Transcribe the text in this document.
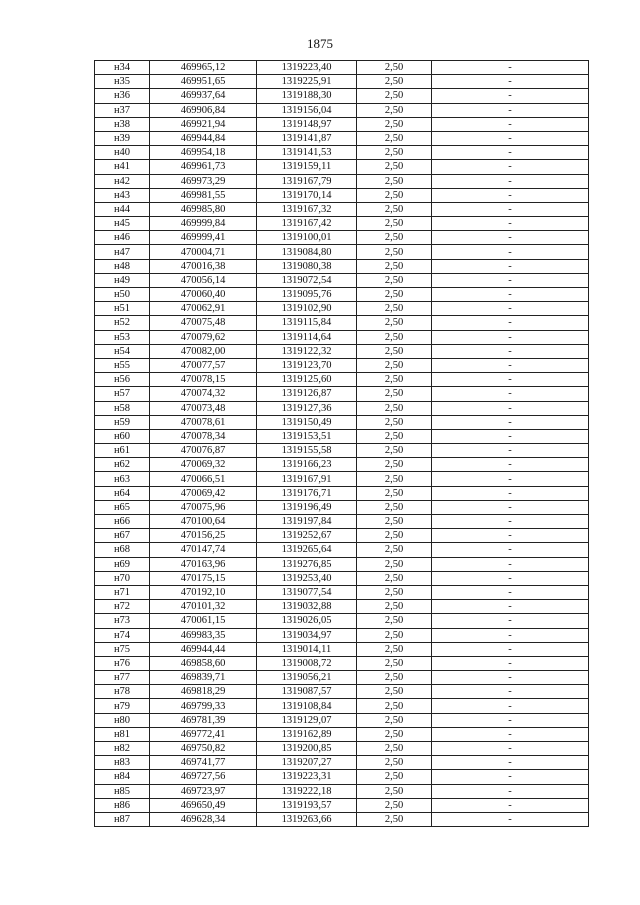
1875
н34	469965,12	1319223,40	2,50	-
н35	469951,65	1319225,91	2,50	-
н36	469937,64	1319188,30	2,50	-
н37	469906,84	1319156,04	2,50	-
н38	469921,94	1319148,97	2,50	-
н39	469944,84	1319141,87	2,50	-
н40	469954,18	1319141,53	2,50	-
н41	469961,73	1319159,11	2,50	-
н42	469973,29	1319167,79	2,50	-
н43	469981,55	1319170,14	2,50	-
н44	469985,80	1319167,32	2,50	-
н45	469999,84	1319167,42	2,50	-
н46	469999,41	1319100,01	2,50	-
н47	470004,71	1319084,80	2,50	-
н48	470016,38	1319080,38	2,50	-
н49	470056,14	1319072,54	2,50	-
н50	470060,40	1319095,76	2,50	-
н51	470062,91	1319102,90	2,50	-
н52	470075,48	1319115,84	2,50	-
н53	470079,62	1319114,64	2,50	-
н54	470082,00	1319122,32	2,50	-
н55	470077,57	1319123,70	2,50	-
н56	470078,15	1319125,60	2,50	-
н57	470074,32	1319126,87	2,50	-
н58	470073,48	1319127,36	2,50	-
н59	470078,61	1319150,49	2,50	-
н60	470078,34	1319153,51	2,50	-
н61	470076,87	1319155,58	2,50	-
н62	470069,32	1319166,23	2,50	-
н63	470066,51	1319167,91	2,50	-
н64	470069,42	1319176,71	2,50	-
н65	470075,96	1319196,49	2,50	-
н66	470100,64	1319197,84	2,50	-
н67	470156,25	1319252,67	2,50	-
н68	470147,74	1319265,64	2,50	-
н69	470163,96	1319276,85	2,50	-
н70	470175,15	1319253,40	2,50	-
н71	470192,10	1319077,54	2,50	-
н72	470101,32	1319032,88	2,50	-
н73	470061,15	1319026,05	2,50	-
н74	469983,35	1319034,97	2,50	-
н75	469944,44	1319014,11	2,50	-
н76	469858,60	1319008,72	2,50	-
н77	469839,71	1319056,21	2,50	-
н78	469818,29	1319087,57	2,50	-
н79	469799,33	1319108,84	2,50	-
н80	469781,39	1319129,07	2,50	-
н81	469772,41	1319162,89	2,50	-
н82	469750,82	1319200,85	2,50	-
н83	469741,77	1319207,27	2,50	-
н84	469727,56	1319223,31	2,50	-
н85	469723,97	1319222,18	2,50	-
н86	469650,49	1319193,57	2,50	-
н87	469628,34	1319263,66	2,50	-
